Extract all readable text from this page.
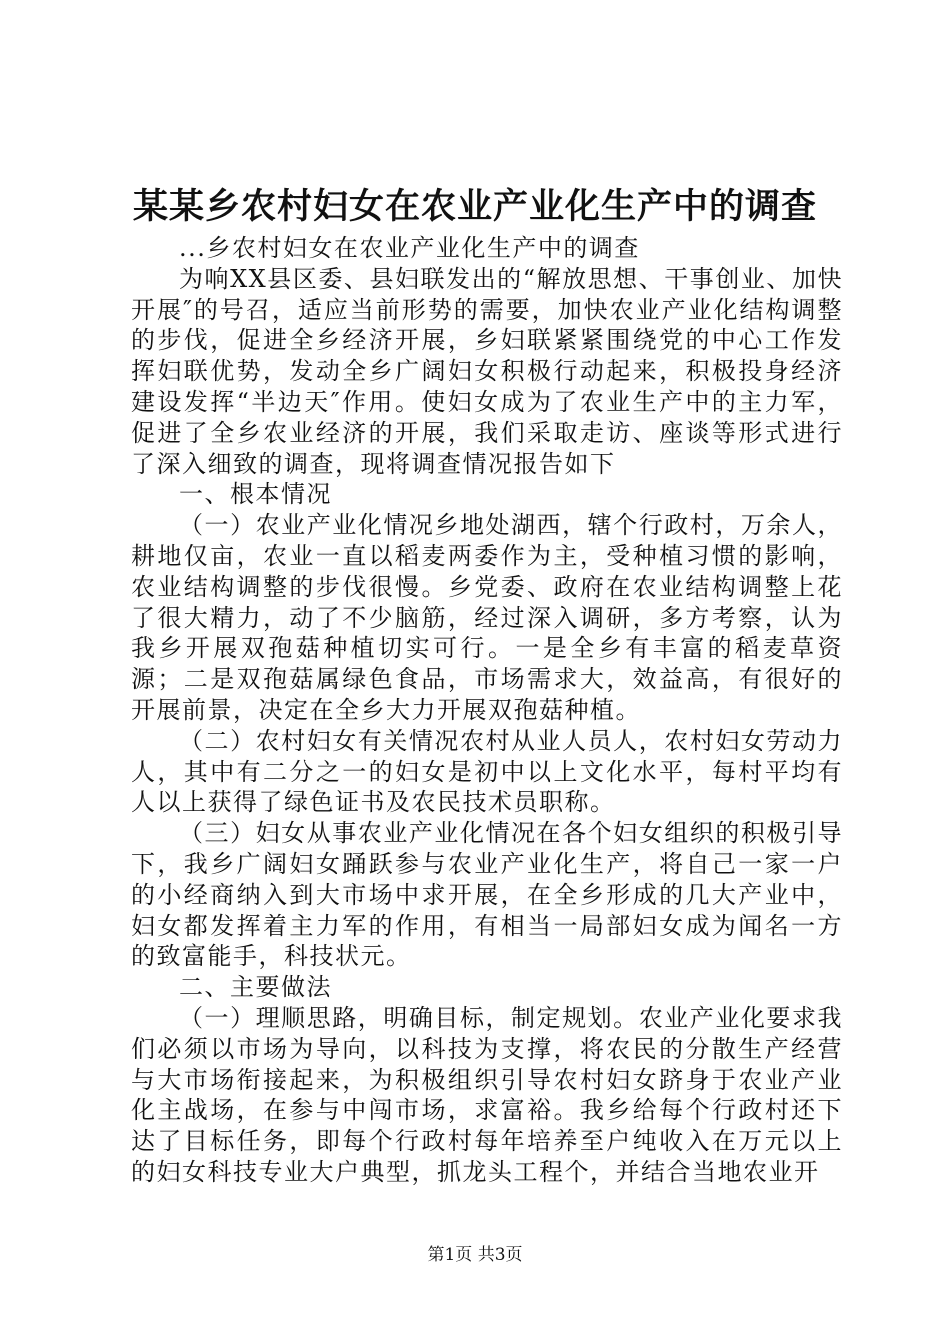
某某乡农村妇女在农业产业化生产中的调查

...乡农村妇女在农业产业化生产中的调查

为响XX县区委、县妇联发出的“解放思想、干事创业、加快开展″的号召，适应当前形势的需要，加快农业产业化结构调整的步伐，促进全乡经济开展，乡妇联紧紧围绕党的中心工作发挥妇联优势，发动全乡广阔妇女积极行动起来，积极投身经济建设发挥“半边天″作用。使妇女成为了农业生产中的主力军，促进了全乡农业经济的开展，我们采取走访、座谈等形式进行了深入细致的调查，现将调查情况报告如下

一、根本情况

（一）农业产业化情况乡地处湖西，辖个行政村，万余人，耕地仅亩，农业一直以稻麦两委作为主，受种植习惯的影响，农业结构调整的步伐很慢。乡党委、政府在农业结构调整上花了很大精力，动了不少脑筋，经过深入调研，多方考察，认为我乡开展双孢菇种植切实可行。一是全乡有丰富的稻麦草资源；二是双孢菇属绿色食品，市场需求大，效益高，有很好的开展前景，决定在全乡大力开展双孢菇种植。

（二）农村妇女有关情况农村从业人员人，农村妇女劳动力人，其中有二分之一的妇女是初中以上文化水平，每村平均有人以上获得了绿色证书及农民技术员职称。

（三）妇女从事农业产业化情况在各个妇女组织的积极引导下，我乡广阔妇女踊跃参与农业产业化生产，将自己一家一户的小经商纳入到大市场中求开展，在全乡形成的几大产业中，妇女都发挥着主力军的作用，有相当一局部妇女成为闻名一方的致富能手，科技状元。

二、主要做法

（一）理顺思路，明确目标，制定规划。农业产业化要求我们必须以市场为导向，以科技为支撑，将农民的分散生产经营与大市场衔接起来，为积极组织引导农村妇女跻身于农业产业化主战场，在参与中闯市场，求富裕。我乡给每个行政村还下达了目标任务，即每个行政村每年培养至户纯收入在万元以上的妇女科技专业大户典型，抓龙头工程个，并结合当地农业开

第1页 共3页
